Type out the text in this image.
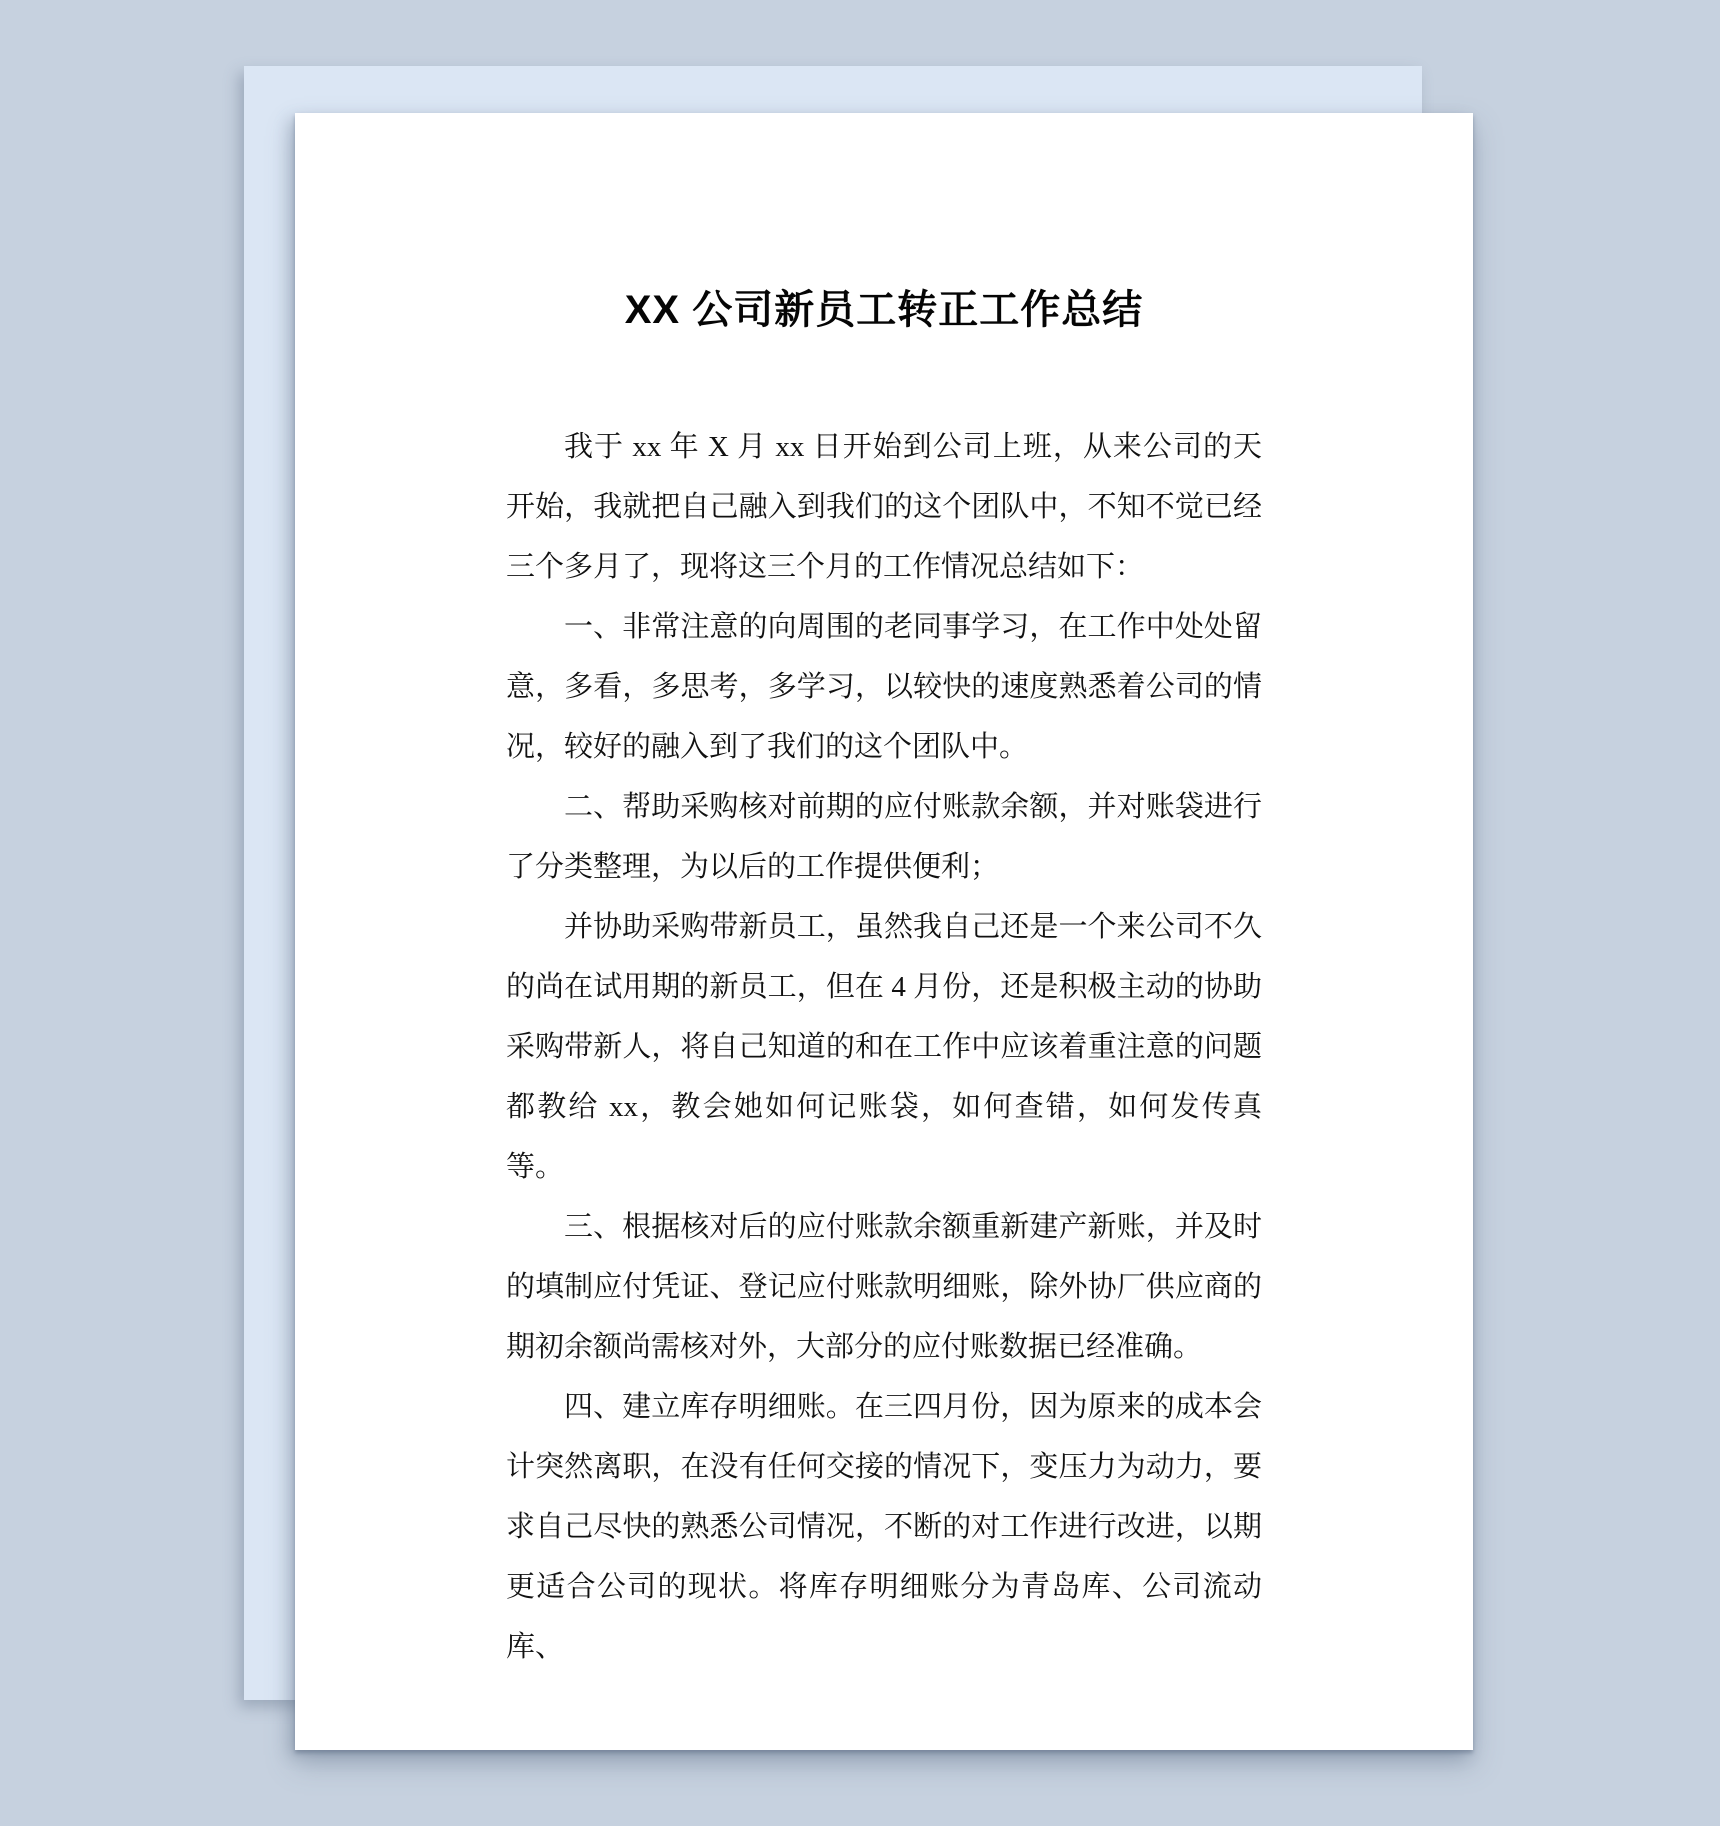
XX 公司新员工转正工作总结

我于 xx 年 X 月 xx 日开始到公司上班，从来公司的天开始，我就把自己融入到我们的这个团队中，不知不觉已经三个多月了，现将这三个月的工作情况总结如下：

一、非常注意的向周围的老同事学习，在工作中处处留意，多看，多思考，多学习，以较快的速度熟悉着公司的情况，较好的融入到了我们的这个团队中。

二、帮助采购核对前期的应付账款余额，并对账袋进行了分类整理，为以后的工作提供便利；

并协助采购带新员工，虽然我自己还是一个来公司不久的尚在试用期的新员工，但在 4 月份，还是积极主动的协助采购带新人，将自己知道的和在工作中应该着重注意的问题都教给 xx，教会她如何记账袋，如何查错，如何发传真等。

三、根据核对后的应付账款余额重新建产新账，并及时的填制应付凭证、登记应付账款明细账，除外协厂供应商的期初余额尚需核对外，大部分的应付账数据已经准确。

四、建立库存明细账。在三四月份，因为原来的成本会计突然离职，在没有任何交接的情况下，变压力为动力，要求自己尽快的熟悉公司情况，不断的对工作进行改进，以期更适合公司的现状。将库存明细账分为青岛库、公司流动库、
